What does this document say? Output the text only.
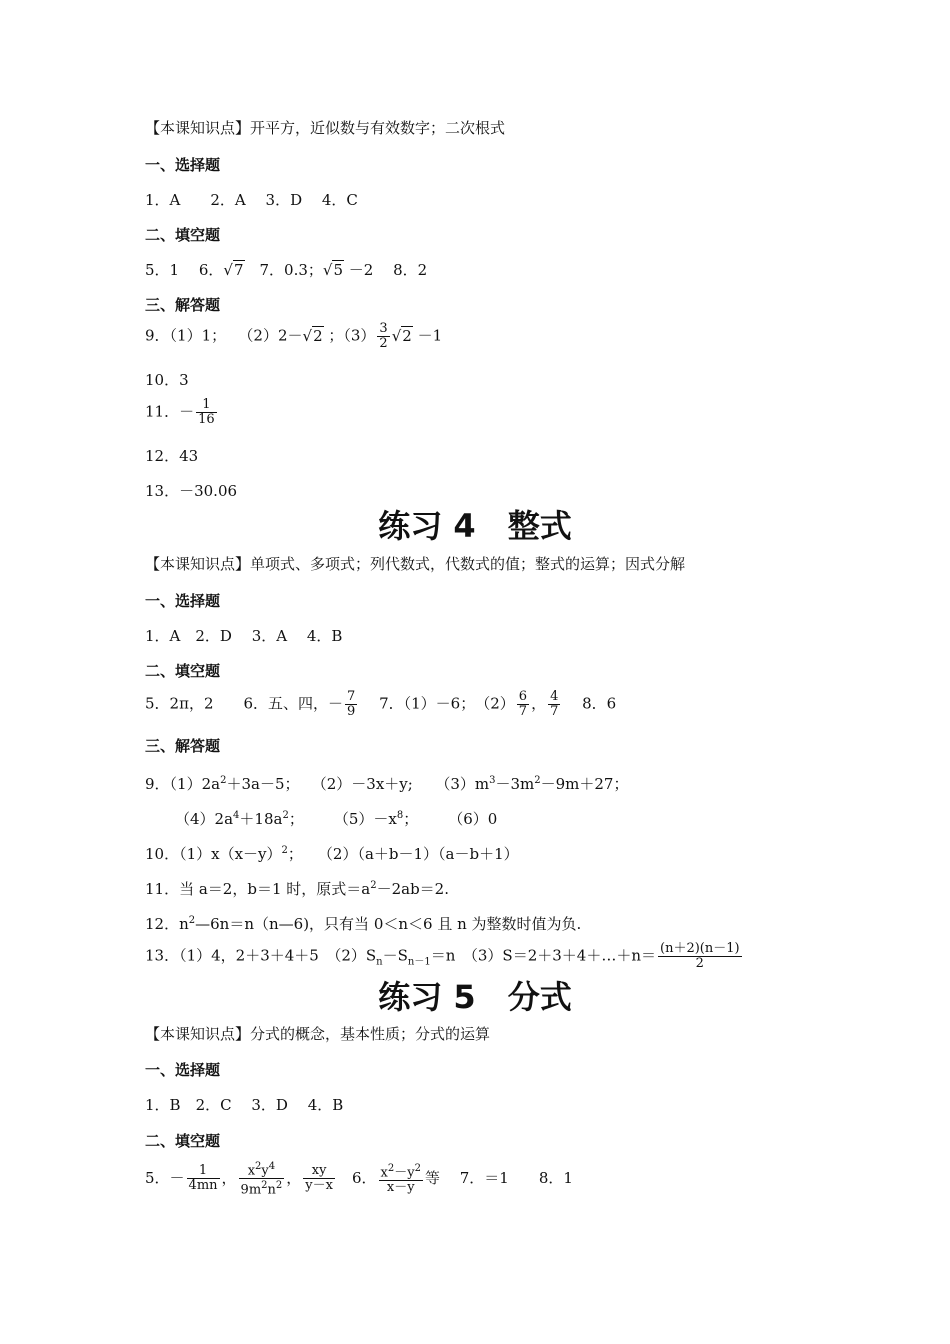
【本课知识点】开平方，近似数与有效数字；二次根式
一、选择题
1．A　　2．A　 3．D　 4．C
二、填空题
5．1　 6．√7　7．0.3；√5 －2　 8．2
三、解答题
9．（1）1；　 （2）2－√2 ；$(3) \frac{3}{2} √2 -1$
10．3
11．－ $\frac{1}{16}$
12．43
13．－30.06
练习 4　整式
【本课知识点】单项式、多项式；列代数式，代数式的值；整式的运算；因式分解
一、选择题
1．A　2．D　 3．A　 4．B
二、填空题
5．2π，2　　6．五、四，－ $\frac{7}{9}$ 　 7．（1）－6；　$(2) \frac{6}{7}$ ， $\frac{4}{7}$ 　 8．6
三、解答题
9．$(1)2a^2+3a-5$；　 （2）－3x＋y;　　$(3)m^3-3m^2-9m+27$；
$(4)2a^4+18a^2$；　　　$(5)-x^8$；　　　（6）0
10．$(1)x(x-y)^2$；　　（2）（a＋b－1）（a－b＋1）
11．当 a＝2，b＝1 时，原式$=a^2-2ab=2$.
12．$n^2—6n=n(n—6)$，只有当 0＜n＜6 且 n 为整数时值为负.
13．（1）4，2＋3＋4＋5　$(2)S_n-S_{n-1}=n$　（3）S＝2＋3＋4＋…＋n＝ $\frac{(n+2)(n-1)}{2}$
练习 5　分式
【本课知识点】分式的概念，基本性质；分式的运算
一、选择题
1．B　2．C　 3．D　 4．B
二、填空题
5．－ $\frac{1}{4mn}$ ， $\frac{x^2y^4}{9m^2n^2}$ ， $\frac{xy}{y-x}$ 　6． $\frac{x^2-y^2}{x-y}$ 等　 7．＝1　　8．1
